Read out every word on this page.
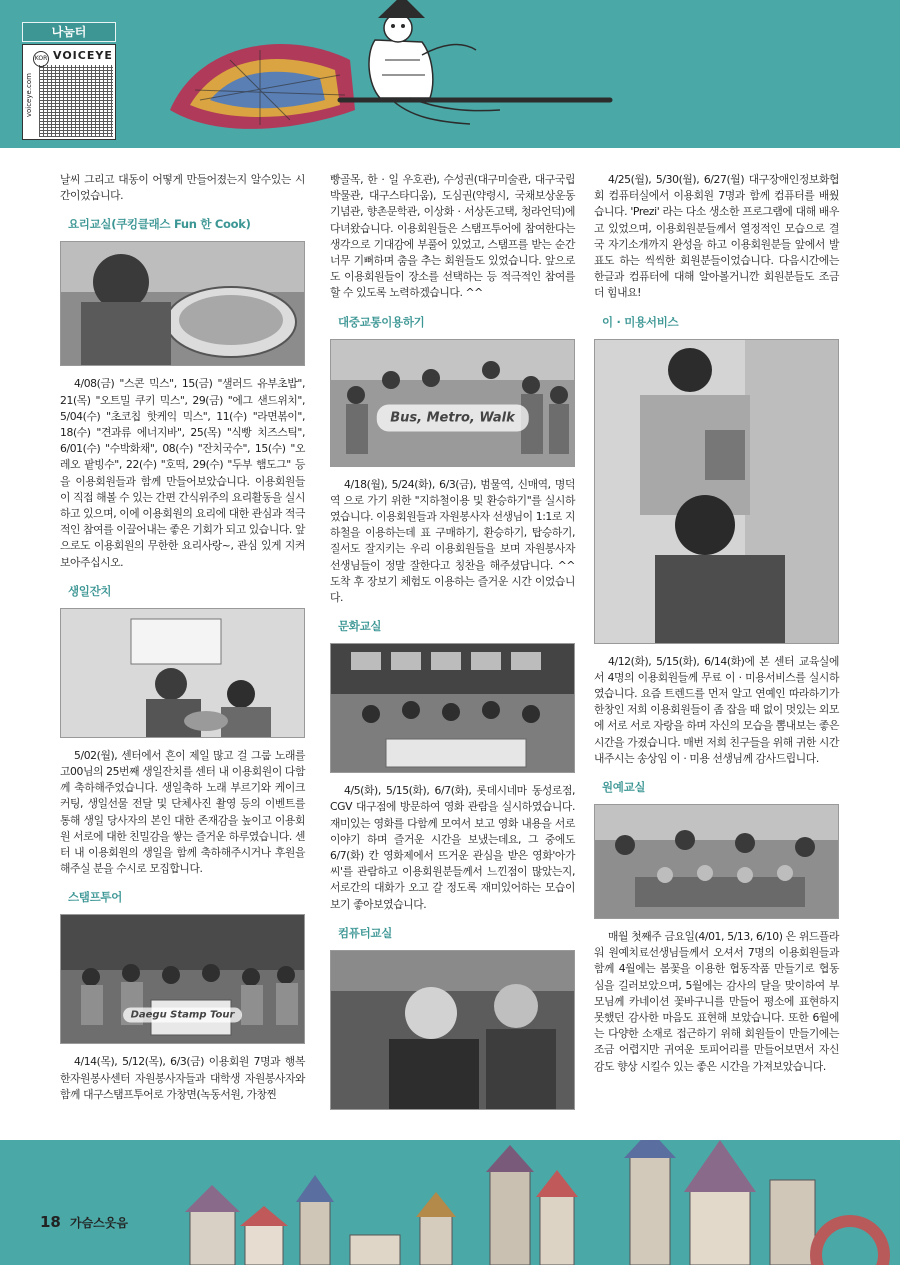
나눔터
KOR VOICEYE
voiceye.com

날씨 그리고 대동이 어떻게 만들어졌는지 알수있는 시간이었습니다.

요리교실(쿠킹클래스 Fun 한 Cook)

4/08(금) "스콘 믹스", 15(금) "샐러드 유부초밥", 21(목) "오트밀 쿠키 믹스", 29(금) "에그 샌드위치", 5/04(수) "초코칩 핫케익 믹스", 11(수) "라면볶이", 18(수) "견과류 에너지바", 25(목) "식빵 치즈스틱", 6/01(수) "수박화채", 08(수) "잔치국수", 15(수) "오레오 팥빙수", 22(수) "호떡, 29(수) "두부 햄도그" 등을 이용회원들과 함께 만들어보았습니다. 이용회원들이 직접 해볼 수 있는 간편 간식위주의 요리활동을 실시하고 있으며, 이에 이용회원의 요리에 대한 관심과 적극적인 참여를 이끌어내는 좋은 기회가 되고 있습니다. 앞으로도 이용회원의 무한한 요리사랑~, 관심 있게 지켜 보아주십시오.

생일잔치

5/02(월), 센터에서 흔이 제일 많고 걸 그룹 노래를 고00님의 25번째 생일잔치를 센터 내 이용회원이 다함께 축하해주었습니다. 생일축하 노래 부르기와 케이크 커팅, 생일선물 전달 및 단체사진 촬영 등의 이벤트를 통해 생일 당사자의 본인 대한 존재감을 높이고 이용회원 서로에 대한 친밀감을 쌓는 즐거운 하루였습니다. 센터 내 이용회원의 생일을 함께 축하해주시거나 후원을 해주실 분을 수시로 모집합니다.

스탬프투어
Daegu Stamp Tour

4/14(목), 5/12(목), 6/3(금) 이용회원 7명과 행복한자원봉사센터 자원봉사자들과 대학생 자원봉사자와 함께 대구스탬프투어로 가창면(녹동서원, 가창찐

빵골목, 한 · 일 우호관), 수성권(대구미술관, 대구국립박물관, 대구스타디움), 도심권(약령시, 국채보상운동기념관, 향촌문학관, 이상화 · 서상돈고택, 청라언덕)에 다녀왔습니다. 이용회원들은 스탬프투어에 참여한다는 생각으로 기대감에 부풀어 있었고, 스탬프를 받는 순간 너무 기뻐하며 춤을 추는 회원들도 있었습니다. 앞으로도 이용회원들이 장소를 선택하는 등 적극적인 참여를 할 수 있도록 노력하겠습니다. ^^

대중교통이용하기
Bus, Metro, Walk

4/18(월), 5/24(화), 6/3(금), 범물역, 신매역, 명덕역 으로 가기 위한 "지하철이용 및 환승하기"를 실시하였습니다. 이용회원들과 자원봉사자 선생님이 1:1로 지하철을 이용하는데 표 구매하기, 환승하기, 탑승하기, 질서도 잘지키는 우리 이용회원들을 보며 자원봉사자 선생님들이 정말 잘한다고 칭찬을 해주셨답니다. ^^ 도착 후 장보기 체험도 이용하는 즐거운 시간 이었습니다.

문화교실

4/5(화), 5/15(화), 6/7(화), 롯데시네마 동성로점, CGV 대구점에 방문하여 영화 관람을 실시하였습니다. 재미있는 영화를 다함께 모여서 보고 영화 내용을 서로 이야기 하며 즐거운 시간을 보냈는데요, 그 중에도 6/7(화) 칸 영화제에서 뜨거운 관심을 받은 영화'아가씨'를 관람하고 이용회원분들께서 느낀점이 많았는지, 서로간의 대화가 오고 갈 정도록 재미있어하는 모습이 보기 좋아보였습니다.

컴퓨터교실

4/25(월), 5/30(월), 6/27(월) 대구장애인정보화협회 컴퓨터실에서 이용회원 7명과 함께 컴퓨터를 배웠습니다. 'Prezi' 라는 다소 생소한 프로그램에 대해 배우고 있었으며, 이용회원분들께서 열정적인 모습으로 결국 자기소개까지 완성을 하고 이용회원분들 앞에서 발표도 하는 씩씩한 회원분들이었습니다. 다음시간에는 한글과 컴퓨터에 대해 알아볼거니깐 회원분들도 조금더 힘내요!

이 · 미용서비스

4/12(화), 5/15(화), 6/14(화)에 본 센터 교육실에서 4명의 이용회원들께 무료 이 · 미용서비스를 실시하였습니다. 요즘 트렌드를 먼저 알고 연예인 따라하기가 한창인 저희 이용회원들이 좀 잡을 때 없이 멋있는 외모에 서로 서로 자랑을 하며 자신의 모습을 뽐내보는 좋은 시간을 가졌습니다. 매번 저희 친구들을 위해 귀한 시간 내주시는 송상임 이 · 미용 선생님께 감사드립니다.

원예교실

매월 첫째주 금요일(4/01, 5/13, 6/10) 은 위드플라워 원예치료선생님들께서 오셔서 7명의 이용회원들과 함께 4월에는 봄꽃을 이용한 협동작품 만들기로 협동심을 길러보았으며, 5월에는 감사의 달을 맞이하여 부모님께 카네이션 꽃바구니를 만들어 평소에 표현하지 못했던 감사한 마음도 표현해 보았습니다. 또한 6월에는 다양한 소재로 접근하기 위해 회원들이 만들기에는 조금 어렵지만 귀여운 토피어리를 만들어보면서 자신감도 향상 시킬수 있는 좋은 시간을 가져보았습니다.

18 가슴스웃음
